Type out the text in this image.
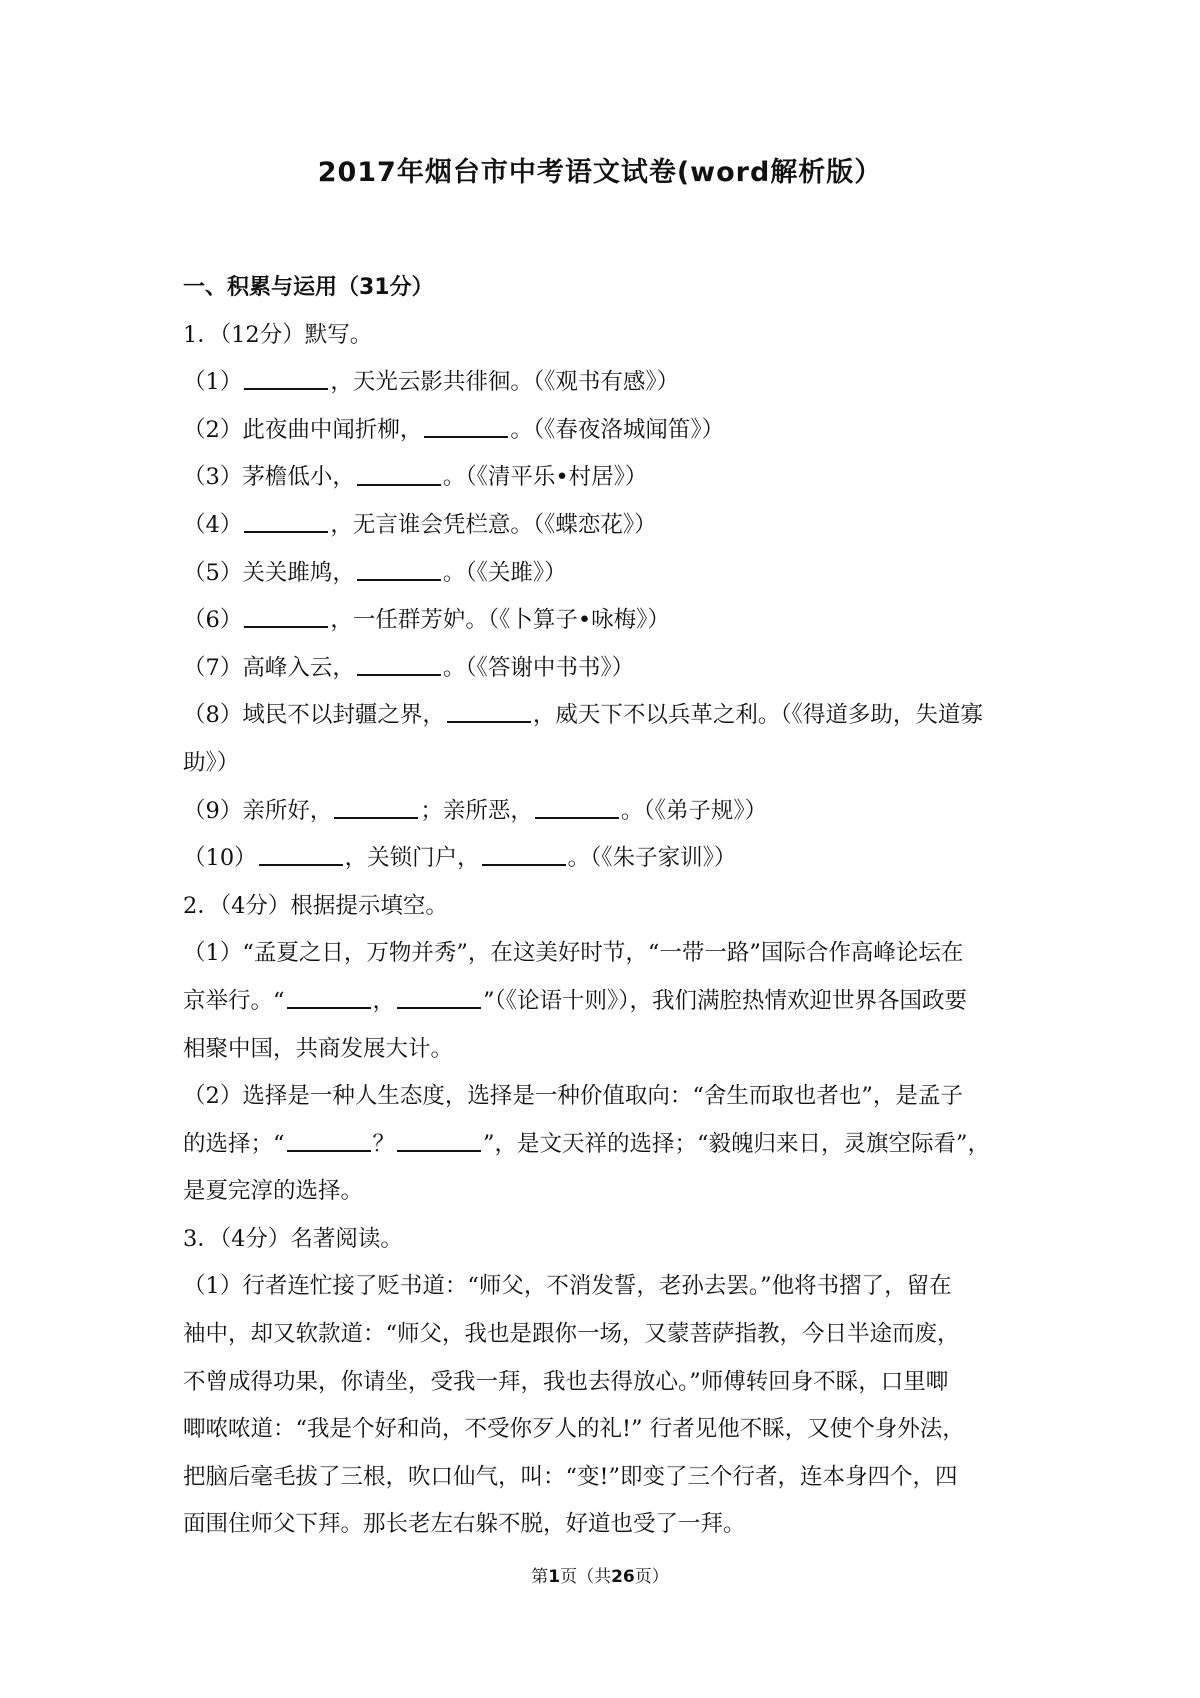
2017年烟台市中考语文试卷(word解析版）

一、积累与运用（31分）

1．（12分）默写。

（1）	，天光云影共徘徊。（《观书有感》）

（2）此夜曲中闻折柳，	。（《春夜洛城闻笛》）

（3）茅檐低小，	。（《清平乐•村居》）

（4）	，无言谁会凭栏意。（《蝶恋花》）

（5）关关雎鸠，	。（《关雎》）

（6）	，一任群芳妒。（《卜算子•咏梅》）

（7）高峰入云，	。（《答谢中书书》）

（8）域民不以封疆之界，	，威天下不以兵革之利。（《得道多助，失道寡

助》）

（9）亲所好，	；亲所恶，	。（《弟子规》）

（10）	，关锁门户，	。（《朱子家训》）

2．（4分）根据提示填空。

（1）“孟夏之日，万物并秀”，在这美好时节，“一带一路”国际合作高峰论坛在

京举行。“	，	”（《论语十则》），我们满腔热情欢迎世界各国政要

相聚中国，共商发展大计。

（2）选择是一种人生态度，选择是一种价值取向：“舍生而取也者也”，是孟子

的选择；“	？	”，是文天祥的选择；“毅魄归来日，灵旗空际看”，

是夏完淳的选择。

3．（4分）名著阅读。

（1）行者连忙接了贬书道：“师父，不消发誓，老孙去罢。”他将书摺了，留在

袖中，却又软款道：“师父，我也是跟你一场，又蒙菩萨指教，今日半途而废，

不曾成得功果，你请坐，受我一拜，我也去得放心。”师傅转回身不睬，口里唧

唧哝哝道：“我是个好和尚，不受你歹人的礼!” 行者见他不睬，又使个身外法，

把脑后毫毛拔了三根，吹口仙气，叫：“变!”即变了三个行者，连本身四个，四

面围住师父下拜。那长老左右躲不脱，好道也受了一拜。

第1页（共26页）
